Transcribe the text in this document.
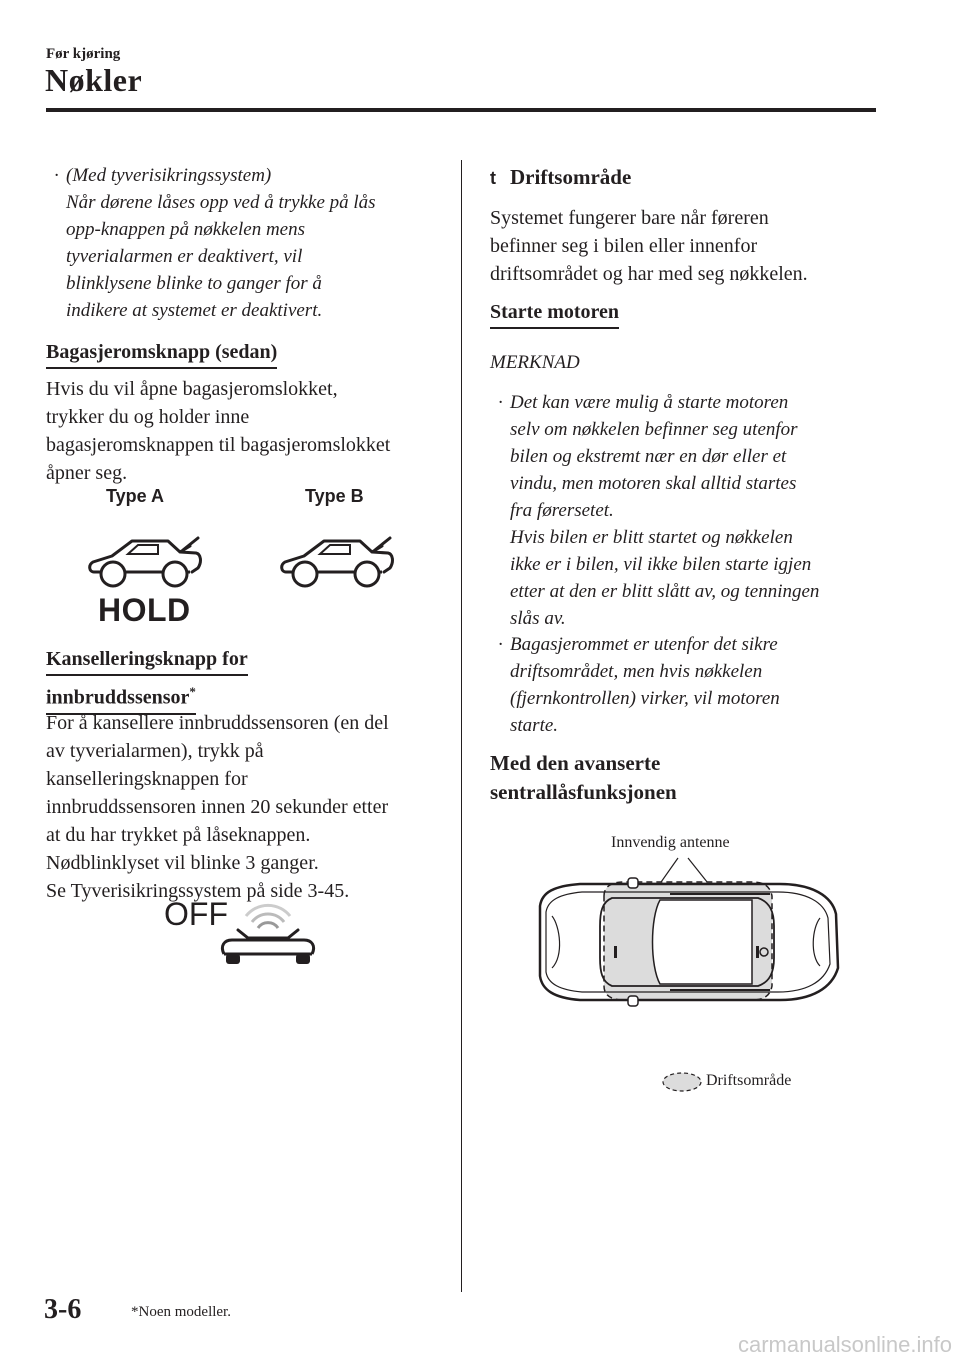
Før kjøring
Nøkler
· (Med tyverisikringssystem)
Når dørene låses opp ved å trykke på lås
opp-knappen på nøkkelen mens
tyverialarmen er deaktivert, vil
blinklysene blinke to ganger for å
indikere at systemet er deaktivert.
Bagasjeromsknapp (sedan)
Hvis du vil åpne bagasjeromslokket,
trykker du og holder inne
bagasjeromsknappen til bagasjeromslokket
åpner seg.
Type A	Type B
HOLD
Kanselleringsknapp for
innbruddssensor*
For å kansellere innbruddssensoren (en del
av tyverialarmen), trykk på
kanselleringsknappen for
innbruddssensoren innen 20 sekunder etter
at du har trykket på låseknappen.
Nødblinklyset vil blinke 3 ganger.
Se Tyverisikringssystem på side 3-45.
OFF
t Driftsområde
Systemet fungerer bare når føreren
befinner seg i bilen eller innenfor
driftsområdet og har med seg nøkkelen.
Starte motoren
MERKNAD
· Det kan være mulig å starte motoren
selv om nøkkelen befinner seg utenfor
bilen og ekstremt nær en dør eller et
vindu, men motoren skal alltid startes
fra førersetet.
Hvis bilen er blitt startet og nøkkelen
ikke er i bilen, vil ikke bilen starte igjen
etter at den er blitt slått av, og tenningen
slås av.
· Bagasjerommet er utenfor det sikre
driftsområdet, men hvis nøkkelen
(fjernkontrollen) virker, vil motoren
starte.
Med den avanserte
sentrallåsfunksjonen
Innvendig antenne
Driftsområde
3-6	*Noen modeller.
carmanualsonline.info
